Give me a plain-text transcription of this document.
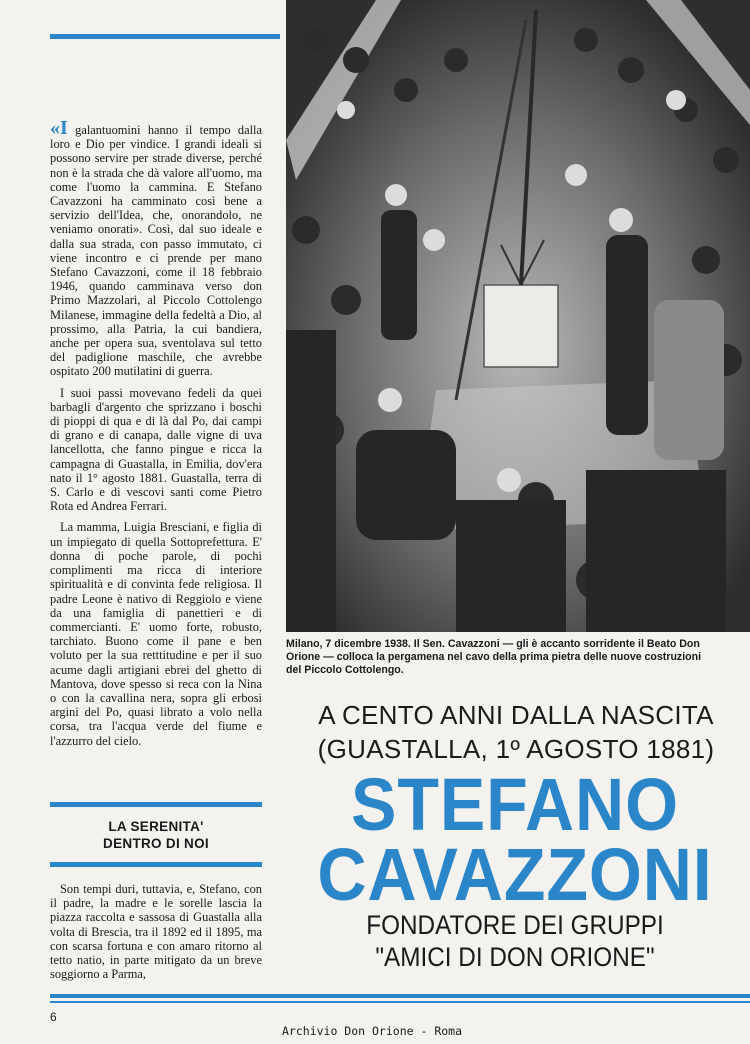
«I galantuomini hanno il tempo dalla loro e Dio per vindice. I grandi ideali si possono servire per strade diverse, perché non è la strada che dà valore all'uomo, ma come l'uomo la cammina. E Stefano Cavazzoni ha camminato così bene a servizio dell'Idea, che, onorandolo, ne veniamo onorati». Così, dal suo ideale e dalla sua strada, con passo immutato, ci viene incontro e ci prende per mano Stefano Cavazzoni, come il 18 febbraio 1946, quando camminava verso don Primo Mazzolari, al Piccolo Cottolengo Milanese, immagine della fedeltà a Dio, al prossimo, alla Patria, la cui bandiera, anche per opera sua, sventolava sul tetto del padiglione maschile, che avrebbe ospitato 200 mutilatini di guerra.

I suoi passi movevano fedeli da quei barbagli d'argento che sprizzano i boschi di pioppi di qua e di là dal Po, dai campi di grano e di canapa, dalle vigne di uva lancellotta, che fanno pingue e ricca la campagna di Guastalla, in Emilia, dov'era nato il 1° agosto 1881. Guastalla, terra di S. Carlo e di vescovi santi come Pietro Rota ed Andrea Ferrari.

La mamma, Luigia Bresciani, e figlia di un impiegato di quella Sottoprefettura. E' donna di poche parole, di pochi complimenti ma ricca di interiore spiritualità e di convinta fede religiosa. Il padre Leone è nativo di Reggiolo e viene da una famiglia di panettieri e di commercianti. E' uomo forte, robusto, tarchiato. Buono come il pane e ben voluto per la sua retttitudine e per il suo acume dagli artigiani ebrei del ghetto di Mantova, dove spesso si reca con la Nina o con la cavallina nera, sopra gli erbosi argini del Po, quasi librato a volo nella corsa, tra l'acqua verde del fiume e l'azzurro del cielo.

LA SERENITA'
DENTRO DI NOI

Son tempi duri, tuttavia, e, Stefano, con il padre, la madre e le sorelle lascia la piazza raccolta e sassosa di Guastalla alla volta di Brescia, tra il 1892 ed il 1895, ma con scarsa fortuna e con amaro ritorno al tetto natio, in parte mitigato da un breve soggiorno a Parma,

Milano, 7 dicembre 1938. Il Sen. Cavazzoni — gli è accanto sorridente il Beato Don Orione — colloca la pergamena nel cavo della prima pietra delle nuove costruzioni del Piccolo Cottolengo.
A CENTO ANNI DALLA NASCITA
(GUASTALLA, 1º AGOSTO 1881)
STEFANO
CAVAZZONI
FONDATORE DEI GRUPPI
"AMICI DI DON ORIONE"
6
Archivio Don Orione - Roma
